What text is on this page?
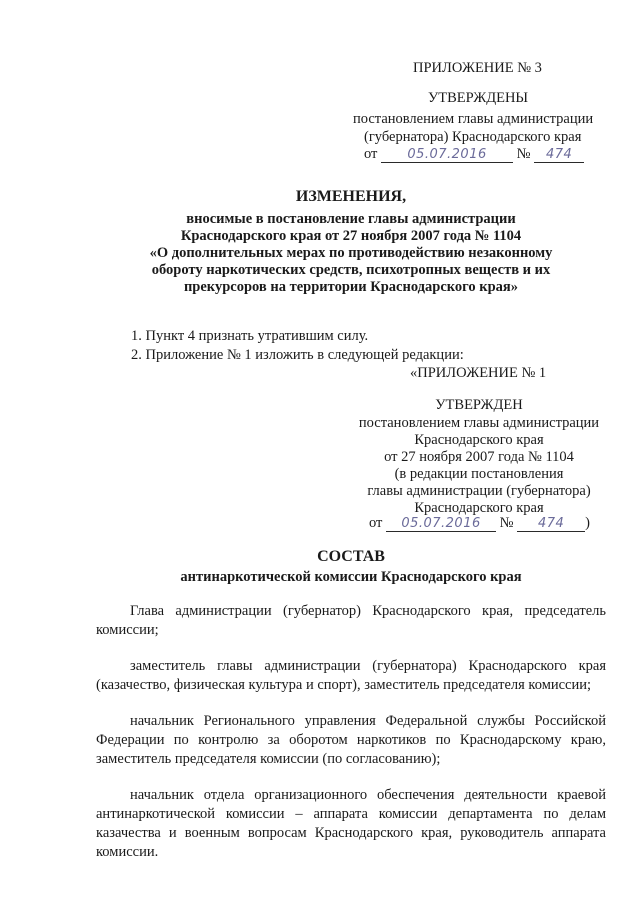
ПРИЛОЖЕНИЕ № 3
УТВЕРЖДЕНЫ
постановлением главы администрации
(губернатора) Краснодарского края
от 05.07.2016 № 474
ИЗМЕНЕНИЯ,
вносимые в постановление главы администрации
Краснодарского края от 27 ноября 2007 года № 1104
«О дополнительных мерах по противодействию незаконному
обороту наркотических средств, психотропных веществ и их
прекурсоров на территории Краснодарского края»
1. Пункт 4 признать утратившим силу.
2. Приложение № 1 изложить в следующей редакции:
«ПРИЛОЖЕНИЕ № 1
УТВЕРЖДЕН
постановлением главы администрации
Краснодарского края
от 27 ноября 2007 года № 1104
(в редакции постановления
главы администрации (губернатора)
Краснодарского края
от 05.07.2016 № 474 )
СОСТАВ
антинаркотической комиссии Краснодарского края
Глава администрации (губернатор) Краснодарского края, председатель комиссии;
заместитель главы администрации (губернатора) Краснодарского края (казачество, физическая культура и спорт), заместитель председателя комиссии;
начальник Регионального управления Федеральной службы Российской Федерации по контролю за оборотом наркотиков по Краснодарскому краю, заместитель председателя комиссии (по согласованию);
начальник отдела организационного обеспечения деятельности краевой антинаркотической комиссии – аппарата комиссии департамента по делам казачества и военным вопросам Краснодарского края, руководитель аппарата комиссии.
